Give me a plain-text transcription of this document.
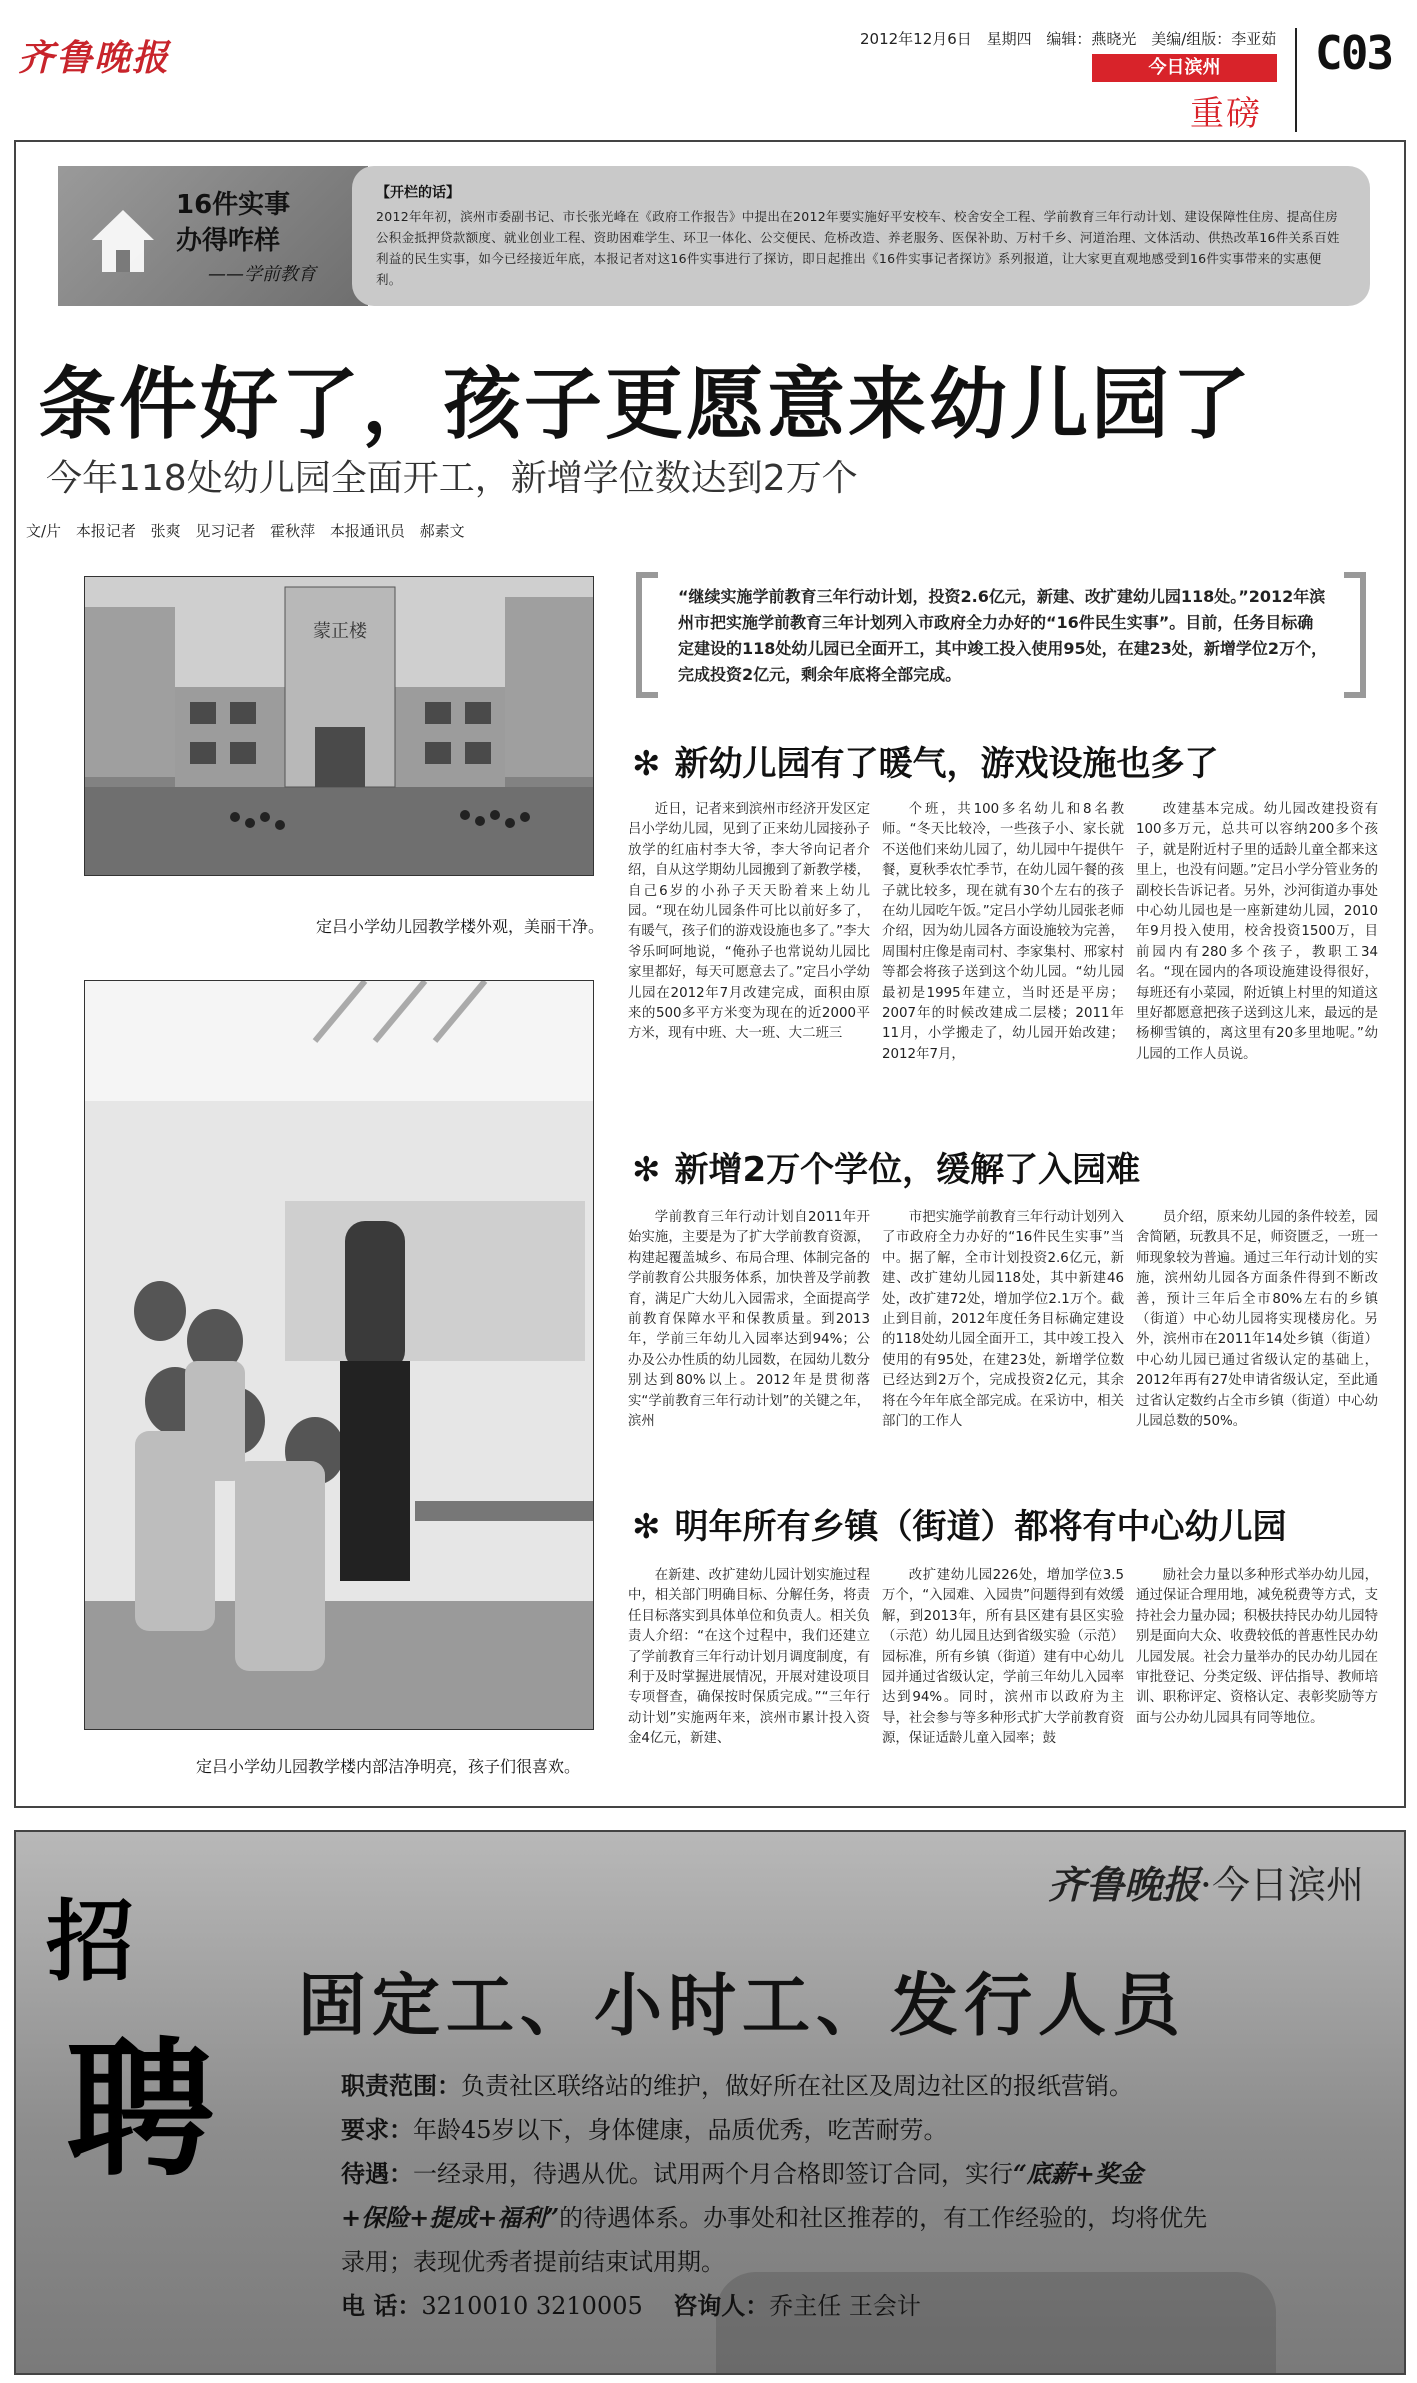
齐鲁晚报	2012年12月6日 星期四 编辑：燕晓光 美编/组版：李亚茹
今日滨州
重磅
C03
16件实事
办得咋样
——学前教育
【开栏的话】
2012年年初，滨州市委副书记、市长张光峰在《政府工作报告》中提出在2012年要实施好平安校车、校舍安全工程、学前教育三年行动计划、建设保障性住房、提高住房公积金抵押贷款额度、就业创业工程、资助困难学生、环卫一体化、公交便民、危桥改造、养老服务、医保补助、万村千乡、河道治理、文体活动、供热改革16件关系百姓利益的民生实事，如今已经接近年底，本报记者对这16件实事进行了探访，即日起推出《16件实事记者探访》系列报道，让大家更直观地感受到16件实事带来的实惠便利。
条件好了，孩子更愿意来幼儿园了
今年118处幼儿园全面开工，新增学位数达到2万个
文/片 本报记者 张爽 见习记者 霍秋萍 本报通讯员 郝素文
蒙正楼
定吕小学幼儿园教学楼外观，美丽干净。
定吕小学幼儿园教学楼内部洁净明亮，孩子们很喜欢。
“继续实施学前教育三年行动计划，投资2.6亿元，新建、改扩建幼儿园118处。”2012年滨州市把实施学前教育三年计划列入市政府全力办好的“16件民生实事”。目前，任务目标确定建设的118处幼儿园已全面开工，其中竣工投入使用95处，在建23处，新增学位2万个，完成投资2亿元，剩余年底将全部完成。
✻ 新幼儿园有了暖气，游戏设施也多了
近日，记者来到滨州市经济开发区定吕小学幼儿园，见到了正来幼儿园接孙子放学的红庙村李大爷，李大爷向记者介绍，自从这学期幼儿园搬到了新教学楼，自己6岁的小孙子天天盼着来上幼儿园。“现在幼儿园条件可比以前好多了，有暖气，孩子们的游戏设施也多了。”李大爷乐呵呵地说，“俺孙子也常说幼儿园比家里都好，每天可愿意去了。”定吕小学幼儿园在2012年7月改建完成，面积由原来的500多平方米变为现在的近2000平方米，现有中班、大一班、大二班三
个班，共100多名幼儿和8名教师。“冬天比较冷，一些孩子小、家长就不送他们来幼儿园了，幼儿园中午提供午餐，夏秋季农忙季节，在幼儿园午餐的孩子就比较多，现在就有30个左右的孩子在幼儿园吃午饭。”定吕小学幼儿园张老师介绍，因为幼儿园各方面设施较为完善，周围村庄像是南司村、李家集村、邢家村等都会将孩子送到这个幼儿园。“幼儿园最初是1995年建立，当时还是平房；2007年的时候改建成二层楼；2011年11月，小学搬走了，幼儿园开始改建；2012年7月，
改建基本完成。幼儿园改建投资有100多万元，总共可以容纳200多个孩子，就是附近村子里的适龄儿童全都来这里上，也没有问题。”定吕小学分管业务的副校长告诉记者。另外，沙河街道办事处中心幼儿园也是一座新建幼儿园，2010年9月投入使用，校舍投资1500万，目前园内有280多个孩子，教职工34名。“现在园内的各项设施建设得很好，每班还有小菜园，附近镇上村里的知道这里好都愿意把孩子送到这儿来，最远的是杨柳雪镇的，离这里有20多里地呢。”幼儿园的工作人员说。
✻ 新增2万个学位，缓解了入园难
学前教育三年行动计划自2011年开始实施，主要是为了扩大学前教育资源，构建起覆盖城乡、布局合理、体制完备的学前教育公共服务体系，加快普及学前教育，满足广大幼儿入园需求，全面提高学前教育保障水平和保教质量。到2013年，学前三年幼儿入园率达到94%；公办及公办性质的幼儿园数，在园幼儿数分别达到80%以上。2012年是贯彻落实“学前教育三年行动计划”的关键之年，滨州
市把实施学前教育三年行动计划列入了市政府全力办好的“16件民生实事”当中。据了解，全市计划投资2.6亿元，新建、改扩建幼儿园118处，其中新建46处，改扩建72处，增加学位2.1万个。截止到目前，2012年度任务目标确定建设的118处幼儿园全面开工，其中竣工投入使用的有95处，在建23处，新增学位数已经达到2万个，完成投资2亿元，其余将在今年年底全部完成。在采访中，相关部门的工作人
员介绍，原来幼儿园的条件较差，园舍简陋，玩教具不足，师资匮乏，一班一师现象较为普遍。通过三年行动计划的实施，滨州幼儿园各方面条件得到不断改善，预计三年后全市80%左右的乡镇（街道）中心幼儿园将实现楼房化。另外，滨州市在2011年14处乡镇（街道）中心幼儿园已通过省级认定的基础上，2012年再有27处申请省级认定，至此通过省认定数约占全市乡镇（街道）中心幼儿园总数的50%。
✻ 明年所有乡镇（街道）都将有中心幼儿园
在新建、改扩建幼儿园计划实施过程中，相关部门明确目标、分解任务，将责任目标落实到具体单位和负责人。相关负责人介绍：“在这个过程中，我们还建立了学前教育三年行动计划月调度制度，有利于及时掌握进展情况，开展对建设项目专项督查，确保按时保质完成。”“三年行动计划”实施两年来，滨州市累计投入资金4亿元，新建、
改扩建幼儿园226处，增加学位3.5万个，“入园难、入园贵”问题得到有效缓解，到2013年，所有县区建有县区实验（示范）幼儿园且达到省级实验（示范）园标准，所有乡镇（街道）建有中心幼儿园并通过省级认定，学前三年幼儿入园率达到94%。同时，滨州市以政府为主导，社会参与等多种形式扩大学前教育资源，保证适龄儿童入园率；鼓
励社会力量以多种形式举办幼儿园，通过保证合理用地，减免税费等方式，支持社会力量办园；积极扶持民办幼儿园特别是面向大众、收费较低的普惠性民办幼儿园发展。社会力量举办的民办幼儿园在审批登记、分类定级、评估指导、教师培训、职称评定、资格认定、表彰奖励等方面与公办幼儿园具有同等地位。
齐鲁晚报·今日滨州
招
聘
固定工、小时工、发行人员
职责范围：负责社区联络站的维护，做好所在社区及周边社区的报纸营销。
要求：年龄45岁以下，身体健康，品质优秀，吃苦耐劳。
待遇：一经录用，待遇从优。试用两个月合格即签订合同，实行“底薪+奖金
+保险+提成+福利”的待遇体系。办事处和社区推荐的，有工作经验的，均将优先
录用；表现优秀者提前结束试用期。
电 话：3210010 3210005 咨询人：乔主任 王会计
